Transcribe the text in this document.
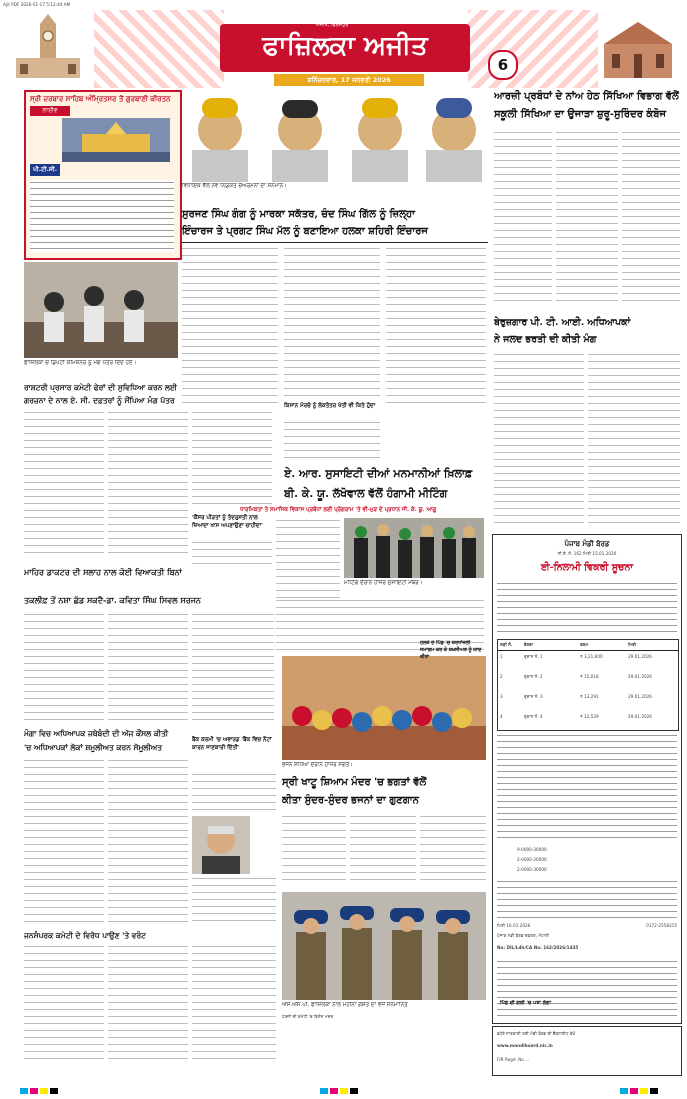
Ajit PDF 2026-01-17 5:12:44 AM
ਫਾਜ਼ਿਲਕਾ ਅਜੀਤ
ਅਜੀਤ, ਫਿਰੋਜ਼ਪੁਰ
ਸ਼ਨਿੱਚਰਵਾਰ, 17 ਜਨਵਰੀ 2026
6
ਸ੍ਰੀ ਦਰਬਾਰ ਸਾਹਿਬ ਅੰਮ੍ਰਿਤਸਰ ਤੋਂ ਗੁਰਬਾਣੀ ਕੀਰਤਨ
ਲਾਈਵ
ਪੀ.ਟੀ.ਸੀ.
ਵਿਧਾਇਕ ਵੱਲੋਂ ਨਵ ਨਿਯੁਕਤ ਚੇਅਰਮੈਨਾਂ ਦਾ ਸਨਮਾਨ।
ਸੁਰਜਣ ਸਿੰਘ ਗੰਗ ਨੂੰ ਮਾਰਕਾ ਸਕੱਤਰ, ਚੰਦ ਸਿੰਘ ਗਿੱਲ ਨੂੰ ਜ਼ਿਲ੍ਹਾ
ਇੰਚਾਰਜ ਤੇ ਪ੍ਰਗਟ ਸਿੰਘ ਮੱਲ ਨੂੰ ਬਣਾਇਆ ਹਲਕਾ ਸ਼ਹਿਰੀ ਇੰਚਾਰਜ
ਕਿਸਾਨ ਮੋਰਚੇ ਨੂੰ ਲੋਕਤੰਤਰ ਖੇਤੀ ਵੀ ਕਿਤੇ ਹੁੰਦਾ
ਆਰਜ਼ੀ ਪ੍ਰਬੰਧਾਂ ਦੇ ਨਾਂਅ ਹੇਠ ਸਿੱਖਿਆ ਵਿਭਾਗ ਵੱਲੋਂ
ਸਕੂਲੀ ਸਿੱਖਿਆ ਦਾ ਉਜਾੜਾ ਸ਼ੁਰੂ-ਸੁਰਿੰਦਰ ਕੰਬੋਜ
ਫਾਜ਼ਿਲਕਾ ਚ ਡਿਪਟੀ ਕਮਿਸ਼ਨਰ ਨੂੰ ਮੰਗ ਪੱਤਰ ਦਿੰਦੇ ਹੋਏ।
ਰਾਸ਼ਟਰੀ ਪ੍ਰਸਾਰ ਕਮੇਟੀ ਫੇਰਾਂ ਦੀ ਸੁਵਿਧਿਆ ਕਰਨ ਲਈ
ਗਰਜ਼ਨਾ ਦੇ ਨਾਲ ਏ. ਸੀ. ਦਫ਼ਤਰਾਂ ਨੂੰ ਸੌਂਪਿਆ ਮੰਗ ਪੱਤਰ
ਏ. ਆਰ. ਸੁਸਾਇਟੀ ਦੀਆਂ ਮਨਮਾਨੀਆਂ ਖ਼ਿਲਾਫ਼
ਬੀ. ਕੇ. ਯੂ. ਲੱਖੋਵਾਲ ਵੱਲੋਂ ਹੰਗਾਮੀ ਮੀਟਿੰਗ
ਧਾਰਮਿਕਤਾ ਤੇ ਸਮਾਜਿਕ ਵਿਕਾਸ ਪ੍ਰਬੰਧਾਂ ਲਈ ਪ੍ਰੋਗਰਾਮ 'ਤੇ ਵੀ-ਮੁੜ ਦੇ ਪ੍ਰਧਾਨ ਜੀ. ਕੇ. ਯੂ. ਆਗੂ
ਮੀਟਿੰਗ ਦੌਰਾਨ ਹਾਜ਼ਰ ਸੁਸਾਇਟੀ ਮੈਂਬਰ।
ਬੇਰੁਜ਼ਗਾਰ ਪੀ. ਟੀ. ਆਈ. ਅਧਿਆਪਕਾਂ
ਨੇ ਜਲਦ ਭਰਤੀ ਦੀ ਕੀਤੀ ਮੰਗ
'ਕੈਂਸਰ ਪੀੜਤਾਂ ਨੂੰ ਤੰਦਰੁਸਤੀ ਨਾਲ ਜ਼ਿਆਦਾ ਖਾਸ ਅਪਣਾਉਣਾ ਚਾਹੀਦਾ'
ਮਾਹਿਰ ਡਾਕਟਰ ਦੀ ਸਲਾਹ ਨਾਲ ਕੋਈ ਵਿਆਕਤੀ ਬਿਨਾਂ
ਤਕਲੀਫ਼ ਤੋਂ ਨਸ਼ਾ ਛੱਡ ਸਕਦੈ-ਡਾ. ਕਵਿਤਾ ਸਿੰਘ ਸਿਵਲ ਸਰਜਨ
ਪੰਜਾਬ ਮੰਡੀ ਬੋਰਡ
ਸੀ.ਏ. ਨੰ. 162 ਮਿਤੀ 15.01.2026
ਈ-ਨਿਲਾਮੀ ਵਿਕਰੀ ਸੂਚਨਾ
ਲੜੀ ਨੰ.	ਵੇਰਵਾ	ਰਕਮ	ਮਿਤੀ
1	ਦੁਕਾਨ ਨੰ. 1	₹ 3,21,600	29.01.2026
2	ਦੁਕਾਨ ਨੰ. 2	₹ 15,018	29.01.2026
3	ਦੁਕਾਨ ਨੰ. 3	₹ 13,291	29.01.2026
4	ਦੁਕਾਨ ਨੰ. 4	₹ 12,529	29.01.2026
9-0000-30000
2-0000-20000
2-0000-30000
ਮਿਤੀ 16.01.2026	0172-2558315
ਪੰਜਾਬ ਮੰਡੀ ਬੋਰਡ ਦਫ਼ਤਰ, ਮੋਹਾਲੀ
No: DIL/Ldh/CA No: 162/2026/1435
ਮੰਗਾ ਵਿਚ ਅਧਿਆਪਕ ਜਥੇਬੰਦੀ ਦੀ ਅੱਜ ਕੌਂਸਲ ਕੀਤੀ
'ਚ ਅਧਿਆਪਕਾਂ ਲੋਕਾਂ ਸ਼ਮੂਲੀਅਤ ਕਰਨ ਸੋਮੂਲੀਅਤ
ਬੈਂਕ ਕਰਮੀ 'ਚ ਅਵਾਰਡ 'ਬੈਂਕ ਵਿਚ ਨੌਟਾਂ ਕਾਰਨ ਜਾਣਕਾਰੀ ਦਿੱਤੀ'
ਪਿੰਡ ਦੀ ਗਲੀ 'ਚ ਪਤਾ ਲੱਗਾ
ਭਜਨ ਸੰਧਿਆ ਦੌਰਾਨ ਹਾਜ਼ਰ ਸੰਗਤ।
ਸ੍ਰੀ ਖਾਟੂ ਸ਼ਿਆਮ ਮੰਦਰ 'ਚ ਭਗਤਾਂ ਵੱਲੋਂ
ਕੀਤਾ ਸੁੰਦਰ-ਸੁੰਦਰ ਭਜਨਾਂ ਦਾ ਗੁਣਗਾਨ
ਹਲਕੇ ਦੇ ਪਿੰਡ 'ਚ ਸ਼ਰਧਾਂਜਲੀ ਸਮਾਗਮ ਕਰ ਕੇ ਸ਼ਖ਼ਸੀਅਤ ਨੂੰ ਯਾਦ ਕੀਤਾ
ਐੱਸ.ਐੱਸ.ਪੀ. ਫਾਜ਼ਿਲਕਾ ਨਾਲ ਮਹੀਨਾ ਗਸ਼ਤ ਦਾ ਵਜੋਂ ਸਨਮਾਨਿਤ
ਜਨਸੰਪਰਕ ਕਮੇਟੀ ਦੇ ਵਿਰੋਧ ਪਾਉਣ 'ਤੇ ਵਰੰਟ
ਹਰਜੀ ਦੀ ਕਮੇਟੀ 'ਚ ਵਿਸ਼ੇਸ਼ ਮਦਦ
ਵਧੇਰੇ ਜਾਣਕਾਰੀ ਲਈ ਮੰਡੀ ਬੋਰਡ ਦੀ ਵੈੱਬਸਾਈਟ ਵੇਖੋ
www.mandiboard.nic.in
FIR Regd. No ...
